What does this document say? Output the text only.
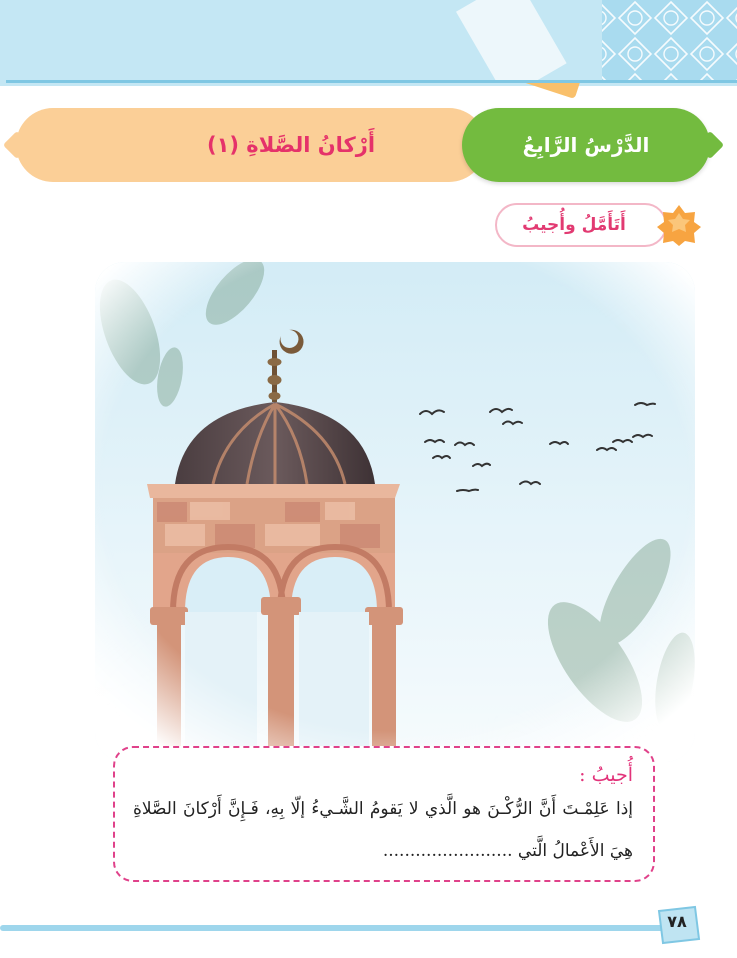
أَرْكانُ الصَّلاةِ (١)	الدَّرْسُ الرَّابِعُ
أَتَأَمَّلُ وأُجيبُ
أُجيبُ :
إذا عَلِمْـتَ أَنَّ الرُّكْـنَ هو الَّذي لا يَقومُ الشَّـيءُ إلّا بِهِ، فَـإِنَّ أَرْكانَ الصَّلاةِ هِيَ الأَعْمالُ الَّتي ........................
٧٨
